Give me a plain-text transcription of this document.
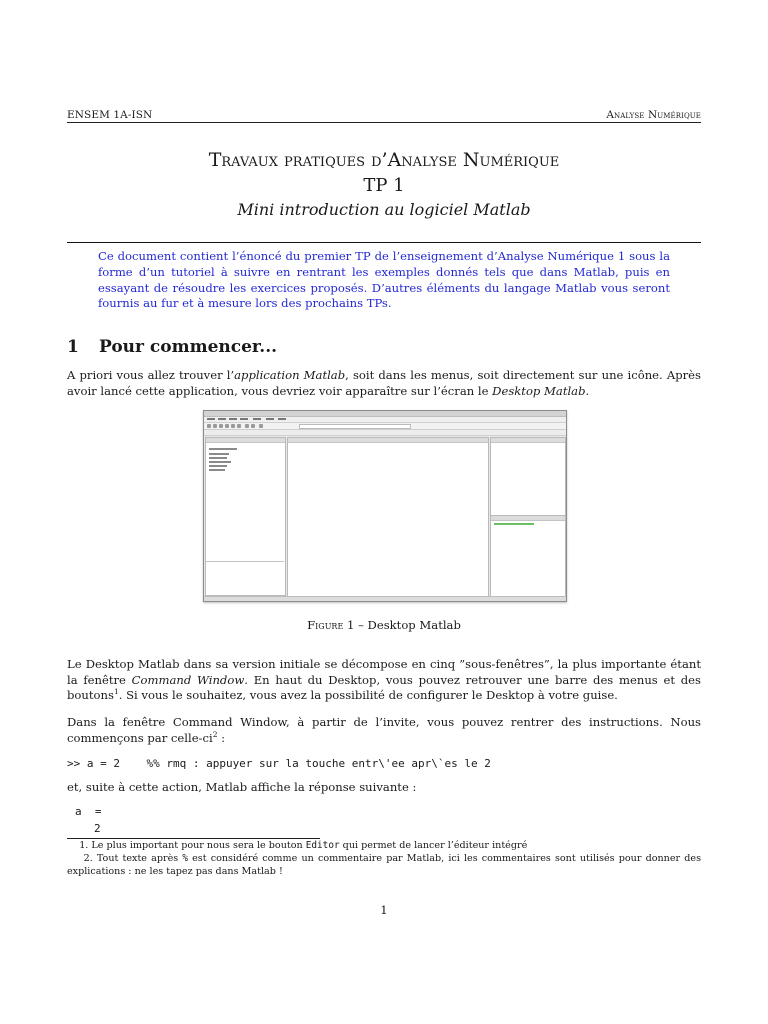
ENSEM 1A-ISN	Analyse Numérique
Travaux pratiques d’Analyse Numérique
TP 1
Mini introduction au logiciel Matlab
Ce document contient l’énoncé du premier TP de l’enseignement d’Analyse Numérique 1 sous la forme d’un tutoriel à suivre en rentrant les exemples donnés tels que dans Matlab, puis en essayant de résoudre les exercices proposés. D’autres éléments du langage Matlab vous seront fournis au fur et à mesure lors des prochains TPs.
1 Pour commencer...
A priori vous allez trouver l’application Matlab, soit dans les menus, soit directement sur une icône. Après avoir lancé cette application, vous devriez voir apparaître sur l’écran le Desktop Matlab.
Figure 1 – Desktop Matlab
Le Desktop Matlab dans sa version initiale se décompose en cinq ”sous-fenêtres”, la plus importante étant la fenêtre Command Window. En haut du Desktop, vous pouvez retrouver une barre des menus et des boutons$^1$. Si vous le souhaitez, vous avez la possibilité de configurer le Desktop à votre guise.
Dans la fenêtre Command Window, à partir de l’invite, vous pouvez rentrer des instructions. Nous commençons par celle-$ci^2$ :
>> a = 2    %% rmq : appuyer sur la touche entr\'ee apr\`es le 2
et, suite à cette action, Matlab affiche la réponse suivante :
a  =
2
1. Le plus important pour nous sera le bouton Editor qui permet de lancer l’éditeur intégré
2. Tout texte après % est considéré comme un commentaire par Matlab, ici les commentaires sont utilisés pour donner des explications : ne les tapez pas dans Matlab !
1
